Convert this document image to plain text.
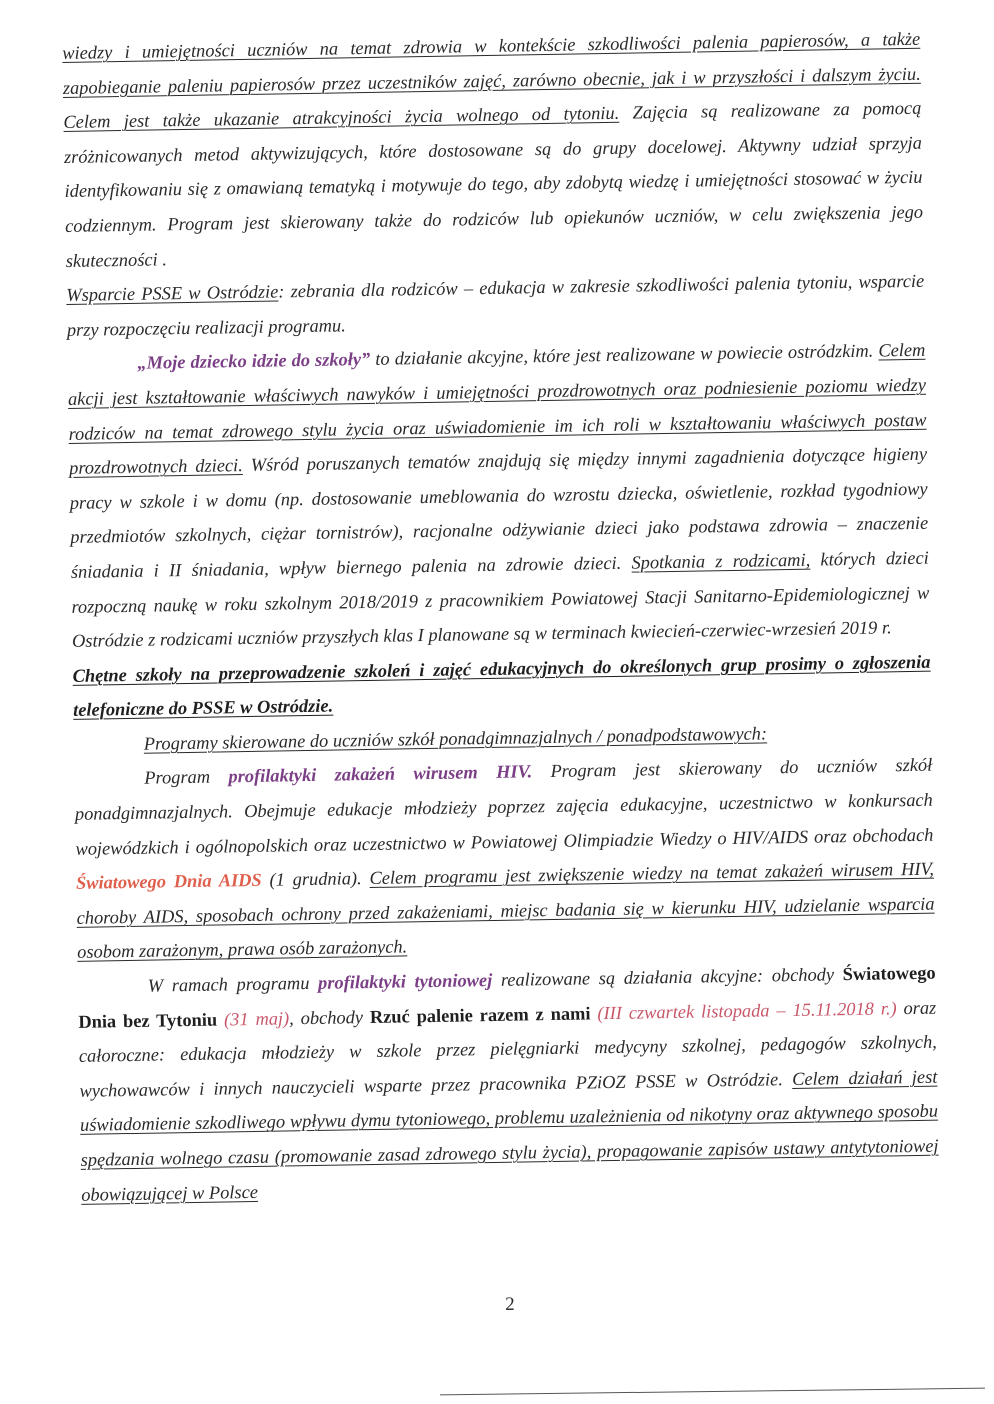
wiedzy i umiejętności uczniów na temat zdrowia w kontekście szkodliwości palenia papierosów, a także zapobieganie paleniu papierosów przez uczestników zajęć, zarówno obecnie, jak i w przyszłości i dalszym życiu. Celem jest także ukazanie atrakcyjności życia wolnego od tytoniu. Zajęcia są realizowane za pomocą zróżnicowanych metod aktywizujących, które dostosowane są do grupy docelowej. Aktywny udział sprzyja identyfikowaniu się z omawianą tematyką i motywuje do tego, aby zdobytą wiedzę i umiejętności stosować w życiu codziennym. Program jest skierowany także do rodziców lub opiekunów uczniów, w celu zwiększenia jego skuteczności .

Wsparcie PSSE w Ostródzie: zebrania dla rodziców – edukacja w zakresie szkodliwości palenia tytoniu, wsparcie przy rozpoczęciu realizacji programu.

„Moje dziecko idzie do szkoły” to działanie akcyjne, które jest realizowane w powiecie ostródzkim. Celem akcji jest kształtowanie właściwych nawyków i umiejętności prozdrowotnych oraz podniesienie poziomu wiedzy rodziców na temat zdrowego stylu życia oraz uświadomienie im ich roli w kształtowaniu właściwych postaw prozdrowotnych dzieci. Wśród poruszanych tematów znajdują się między innymi zagadnienia dotyczące higieny pracy w szkole i w domu (np. dostosowanie umeblowania do wzrostu dziecka, oświetlenie, rozkład tygodniowy przedmiotów szkolnych, ciężar tornistrów), racjonalne odżywianie dzieci jako podstawa zdrowia – znaczenie śniadania i II śniadania, wpływ biernego palenia na zdrowie dzieci. Spotkania z rodzicami, których dzieci rozpoczną naukę w roku szkolnym 2018/2019 z pracownikiem Powiatowej Stacji Sanitarno-Epidemiologicznej w Ostródzie z rodzicami uczniów przyszłych klas I planowane są w terminach kwiecień-czerwiec-wrzesień 2019 r.

Chętne szkoły na przeprowadzenie szkoleń i zajęć edukacyjnych do określonych grup prosimy o zgłoszenia telefoniczne do PSSE w Ostródzie.

Programy skierowane do uczniów szkół ponadgimnazjalnych / ponadpodstawowych:

Program profilaktyki zakażeń wirusem HIV. Program jest skierowany do uczniów szkół ponadgimnazjalnych. Obejmuje edukacje młodzieży poprzez zajęcia edukacyjne, uczestnictwo w konkursach wojewódzkich i ogólnopolskich oraz uczestnictwo w Powiatowej Olimpiadzie Wiedzy o HIV/AIDS oraz obchodach Światowego Dnia AIDS (1 grudnia). Celem programu jest zwiększenie wiedzy na temat zakażeń wirusem HIV, choroby AIDS, sposobach ochrony przed zakażeniami, miejsc badania się w kierunku HIV, udzielanie wsparcia osobom zarażonym, prawa osób zarażonych.

W ramach programu profilaktyki tytoniowej realizowane są działania akcyjne: obchody Światowego Dnia bez Tytoniu (31 maj), obchody Rzuć palenie razem z nami (III czwartek listopada – 15.11.2018 r.) oraz całoroczne: edukacja młodzieży w szkole przez pielęgniarki medycyny szkolnej, pedagogów szkolnych, wychowawców i innych nauczycieli wsparte przez pracownika PZiOZ PSSE w Ostródzie. Celem działań jest uświadomienie szkodliwego wpływu dymu tytoniowego, problemu uzależnienia od nikotyny oraz aktywnego sposobu spędzania wolnego czasu (promowanie zasad zdrowego stylu życia), propagowanie zapisów ustawy antytytoniowej obowiązującej w Polsce

2
